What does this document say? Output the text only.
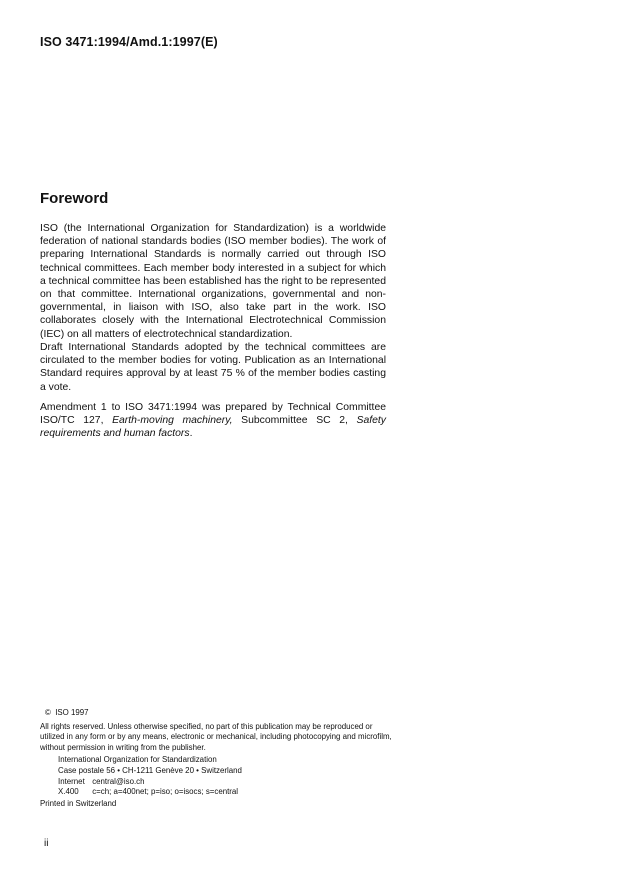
ISO 3471:1994/Amd.1:1997(E)
Foreword

ISO (the International Organization for Standardization) is a worldwide federation of national standards bodies (ISO member bodies). The work of preparing International Standards is normally carried out through ISO technical committees. Each member body interested in a subject for which a technical committee has been established has the right to be represented on that committee. International organizations, governmental and non-governmental, in liaison with ISO, also take part in the work. ISO collaborates closely with the International Electrotechnical Commission (IEC) on all matters of electrotechnical standardization.

Draft International Standards adopted by the technical committees are circulated to the member bodies for voting. Publication as an International Standard requires approval by at least 75 % of the member bodies casting a vote.

Amendment 1 to ISO 3471:1994 was prepared by Technical Committee ISO/TC 127, Earth-moving machinery, Subcommittee SC 2, Safety requirements and human factors.

© ISO 1997

All rights reserved. Unless otherwise specified, no part of this publication may be reproduced or utilized in any form or by any means, electronic or mechanical, including photocopying and microfilm, without permission in writing from the publisher.

International Organization for Standardization
Case postale 56 • CH-1211 Genève 20 • Switzerland
Internet central@iso.ch
X.400 c=ch; a=400net; p=iso; o=isocs; s=central

Printed in Switzerland

ii
